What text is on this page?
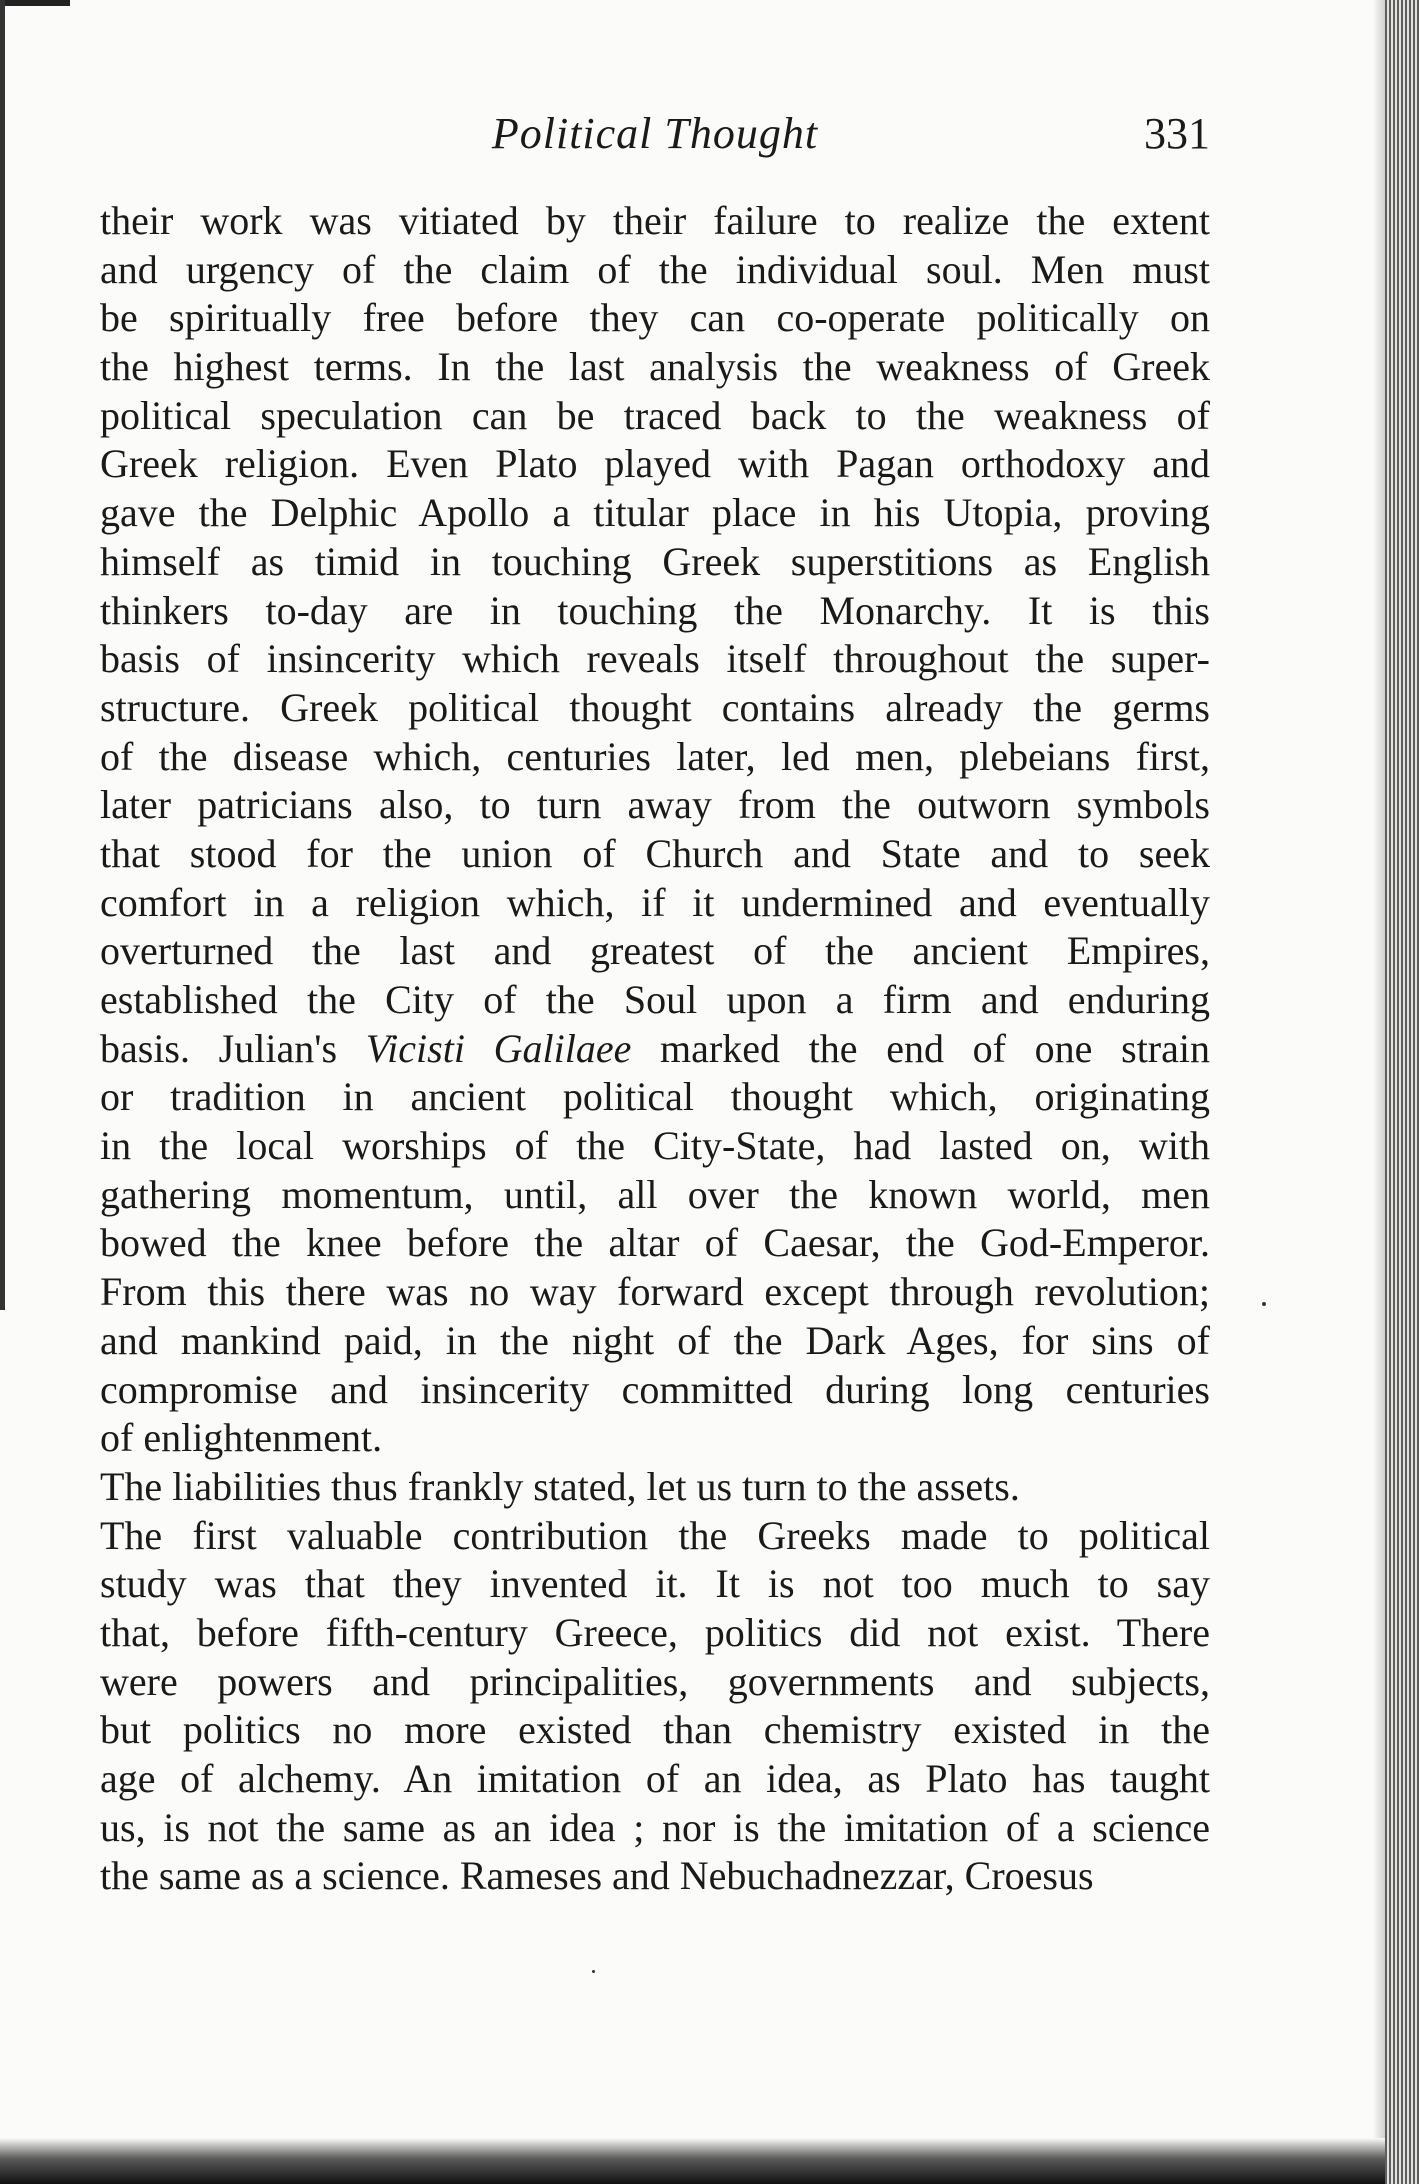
Political Thought	331
their work was vitiated by their failure to realize the extent
and urgency of the claim of the individual soul. Men must
be spiritually free before they can co-operate politically on
the highest terms. In the last analysis the weakness of Greek
political speculation can be traced back to the weakness of
Greek religion. Even Plato played with Pagan orthodoxy and
gave the Delphic Apollo a titular place in his Utopia, proving
himself as timid in touching Greek superstitions as English
thinkers to-day are in touching the Monarchy. It is this
basis of insincerity which reveals itself throughout the super-
structure. Greek political thought contains already the germs
of the disease which, centuries later, led men, plebeians first,
later patricians also, to turn away from the outworn symbols
that stood for the union of Church and State and to seek
comfort in a religion which, if it undermined and eventually
overturned the last and greatest of the ancient Empires,
established the City of the Soul upon a firm and enduring
basis. Julian's Vicisti Galilaee marked the end of one strain
or tradition in ancient political thought which, originating
in the local worships of the City-State, had lasted on, with
gathering momentum, until, all over the known world, men
bowed the knee before the altar of Caesar, the God-Emperor.
From this there was no way forward except through revolution;
and mankind paid, in the night of the Dark Ages, for sins of
compromise and insincerity committed during long centuries
of enlightenment.
The liabilities thus frankly stated, let us turn to the assets.
The first valuable contribution the Greeks made to political
study was that they invented it. It is not too much to say
that, before fifth-century Greece, politics did not exist. There
were powers and principalities, governments and subjects,
but politics no more existed than chemistry existed in the
age of alchemy. An imitation of an idea, as Plato has taught
us, is not the same as an idea ; nor is the imitation of a science
the same as a science. Rameses and Nebuchadnezzar, Croesus
